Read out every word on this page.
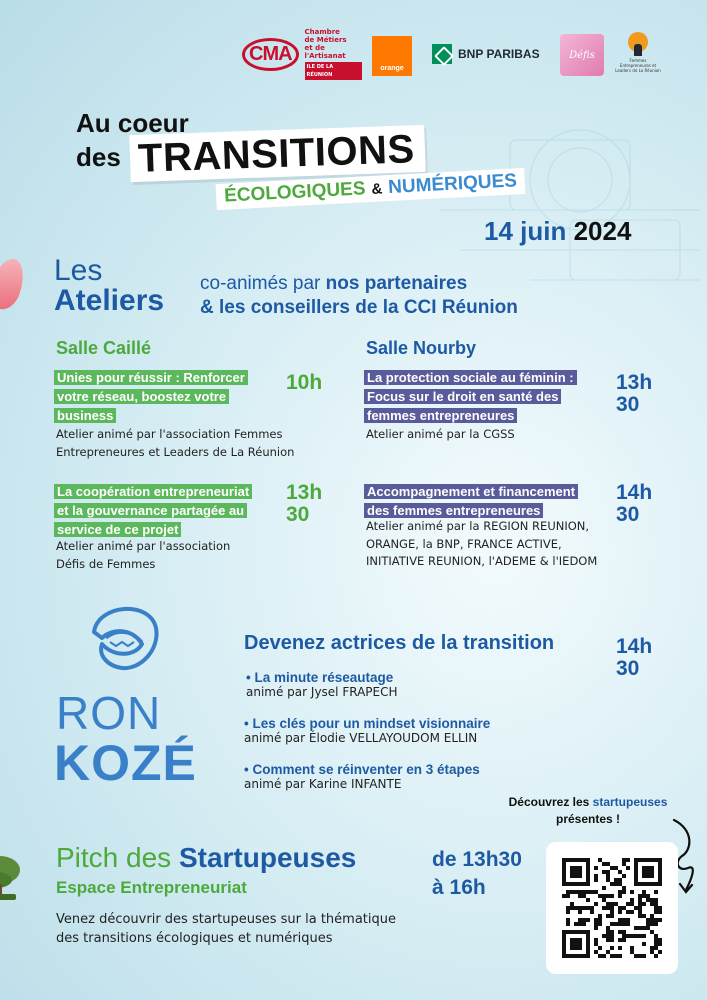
CMA
Chambre
de Métiers
et de l'Artisanat
ILE DE LA RÉUNION
orange
BNP PARIBAS	Défis	Femmes Entrepreneures et Leaders de La Réunion
Au coeur
des TRANSITIONS
ÉCOLOGIQUES & NUMÉRIQUES
14 juin 2024
Les
Ateliers
co-animés par nos partenaires
& les conseillers de la CCI Réunion
Salle Caillé	Salle Nourby
Unies pour réussir : Renforcer
votre réseau, boostez votre
business
10h
Atelier animé par l'association Femmes
Entrepreneures et Leaders de La Réunion
La protection sociale au féminin :
Focus sur le droit en santé des
femmes entrepreneures
13h
30
Atelier animé par la CGSS
La coopération entrepreneuriat
et la gouvernance partagée au
service de ce projet
13h
30
Atelier animé par l'association
Défis de Femmes
Accompagnement et financement
des femmes entrepreneures
14h
30
Atelier animé par la REGION REUNION,
ORANGE, la BNP, FRANCE ACTIVE,
INITIATIVE REUNION, l'ADEME & l'IEDOM
RON
KOZÉ
Devenez actrices de la transition	14h
30
• La minute réseautage
animé par Jysel FRAPECH
• Les clés pour un mindset visionnaire
animé par Élodie VELLAYOUDOM ELLIN
• Comment se réinventer en 3 étapes
animé par Karine INFANTE
Pitch des Startupeuses
Espace Entrepreneuriat
Venez découvrir des startupeuses sur la thématique
des transitions écologiques et numériques
de 13h30
à 16h
Découvrez les startupeuses
présentes !
